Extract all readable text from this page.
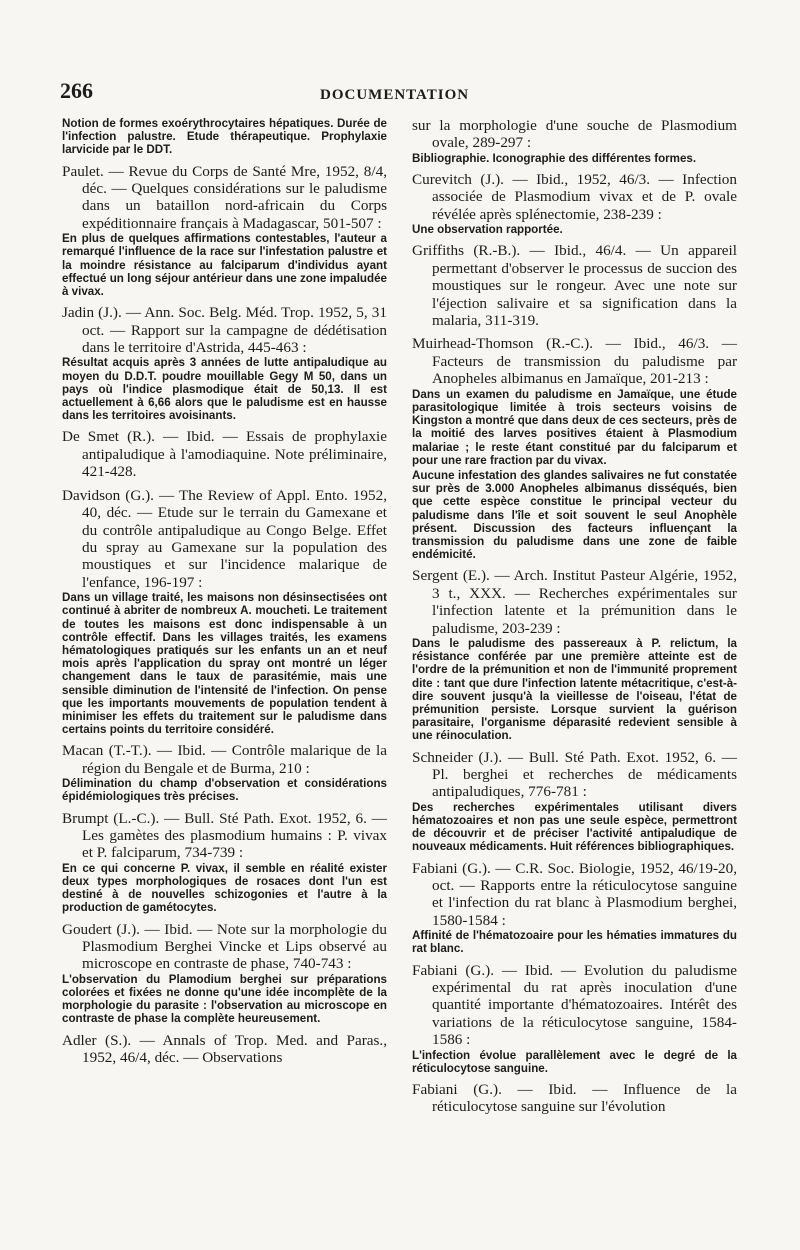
266	DOCUMENTATION

Notion de formes exoérythrocytaires hépatiques. Durée de l'infection palustre. Etude thérapeutique. Prophylaxie larvicide par le DDT.

Paulet. — Revue du Corps de Santé Mre, 1952, 8/4, déc. — Quelques considérations sur le paludisme dans un bataillon nord-africain du Corps expéditionnaire français à Madagascar, 501-507 :

En plus de quelques affirmations contestables, l'auteur a remarqué l'influence de la race sur l'infestation palustre et la moindre résistance au falciparum d'individus ayant effectué un long séjour antérieur dans une zone impaludée à vivax.

Jadin (J.). — Ann. Soc. Belg. Méd. Trop. 1952, 5, 31 oct. — Rapport sur la campagne de dédétisation dans le territoire d'Astrida, 445-463 :

Résultat acquis après 3 années de lutte antipaludique au moyen du D.D.T. poudre mouillable Gegy M 50, dans un pays où l'indice plasmodique était de 50,13. Il est actuellement à 6,66 alors que le paludisme est en hausse dans les territoires avoisinants.

De Smet (R.). — Ibid. — Essais de prophylaxie antipaludique à l'amodiaquine. Note préliminaire, 421-428.

Davidson (G.). — The Review of Appl. Ento. 1952, 40, déc. — Etude sur le terrain du Gamexane et du contrôle antipaludique au Congo Belge. Effet du spray au Gamexane sur la population des moustiques et sur l'incidence malarique de l'enfance, 196-197 :

Dans un village traité, les maisons non désinsectisées ont continué à abriter de nombreux A. moucheti. Le traitement de toutes les maisons est donc indispensable à un contrôle effectif. Dans les villages traités, les examens hématologiques pratiqués sur les enfants un an et neuf mois après l'application du spray ont montré un léger changement dans le taux de parasitémie, mais une sensible diminution de l'intensité de l'infection. On pense que les importants mouvements de population tendent à minimiser les effets du traitement sur le paludisme dans certains points du territoire considéré.

Macan (T.-T.). — Ibid. — Contrôle malarique de la région du Bengale et de Burma, 210 :

Délimination du champ d'observation et considérations épidémiologiques très précises.

Brumpt (L.-C.). — Bull. Sté Path. Exot. 1952, 6. — Les gamètes des plasmodium humains : P. vivax et P. falciparum, 734-739 :

En ce qui concerne P. vivax, il semble en réalité exister deux types morphologiques de rosaces dont l'un est destiné à de nouvelles schizogonies et l'autre à la production de gamétocytes.

Goudert (J.). — Ibid. — Note sur la morphologie du Plasmodium Berghei Vincke et Lips observé au microscope en contraste de phase, 740-743 :

L'observation du Plamodium berghei sur préparations colorées et fixées ne donne qu'une idée incomplète de la morphologie du parasite : l'observation au microscope en contraste de phase la complète heureusement.

Adler (S.). — Annals of Trop. Med. and Paras., 1952, 46/4, déc. — Observations

sur la morphologie d'une souche de Plasmodium ovale, 289-297 :

Bibliographie. Iconographie des différentes formes.

Curevitch (J.). — Ibid., 1952, 46/3. — Infection associée de Plasmodium vivax et de P. ovale révélée après splénectomie, 238-239 :

Une observation rapportée.

Griffiths (R.-B.). — Ibid., 46/4. — Un appareil permettant d'observer le processus de succion des moustiques sur le rongeur. Avec une note sur l'éjection salivaire et sa signification dans la malaria, 311-319.

Muirhead-Thomson (R.-C.). — Ibid., 46/3. — Facteurs de transmission du paludisme par Anopheles albimanus en Jamaïque, 201-213 :

Dans un examen du paludisme en Jamaïque, une étude parasitologique limitée à trois secteurs voisins de Kingston a montré que dans deux de ces secteurs, près de la moitié des larves positives étaient à Plasmodium malariae ; le reste étant constitué par du falciparum et pour une rare fraction par du vivax.

Aucune infestation des glandes salivaires ne fut constatée sur près de 3.000 Anopheles albimanus disséqués, bien que cette espèce constitue le principal vecteur du paludisme dans l'île et soit souvent le seul Anophèle présent. Discussion des facteurs influençant la transmission du paludisme dans une zone de faible endémicité.

Sergent (E.). — Arch. Institut Pasteur Algérie, 1952, 3 t., XXX. — Recherches expérimentales sur l'infection latente et la prémunition dans le paludisme, 203-239 :

Dans le paludisme des passereaux à P. relictum, la résistance conférée par une première atteinte est de l'ordre de la prémunition et non de l'immunité proprement dite : tant que dure l'infection latente métacritique, c'est-à-dire souvent jusqu'à la vieillesse de l'oiseau, l'état de prémunition persiste. Lorsque survient la guérison parasitaire, l'organisme déparasité redevient sensible à une réinoculation.

Schneider (J.). — Bull. Sté Path. Exot. 1952, 6. — Pl. berghei et recherches de médicaments antipaludiques, 776-781 :

Des recherches expérimentales utilisant divers hématozoaires et non pas une seule espèce, permettront de découvrir et de préciser l'activité antipaludique de nouveaux médicaments. Huit références bibliographiques.

Fabiani (G.). — C.R. Soc. Biologie, 1952, 46/19-20, oct. — Rapports entre la réticulocytose sanguine et l'infection du rat blanc à Plasmodium berghei, 1580-1584 :

Affinité de l'hématozoaire pour les hématies immatures du rat blanc.

Fabiani (G.). — Ibid. — Evolution du paludisme expérimental du rat après inoculation d'une quantité importante d'hématozoaires. Intérêt des variations de la réticulocytose sanguine, 1584-1586 :

L'infection évolue parallèlement avec le degré de la réticulocytose sanguine.

Fabiani (G.). — Ibid. — Influence de la réticulocytose sanguine sur l'évolution
